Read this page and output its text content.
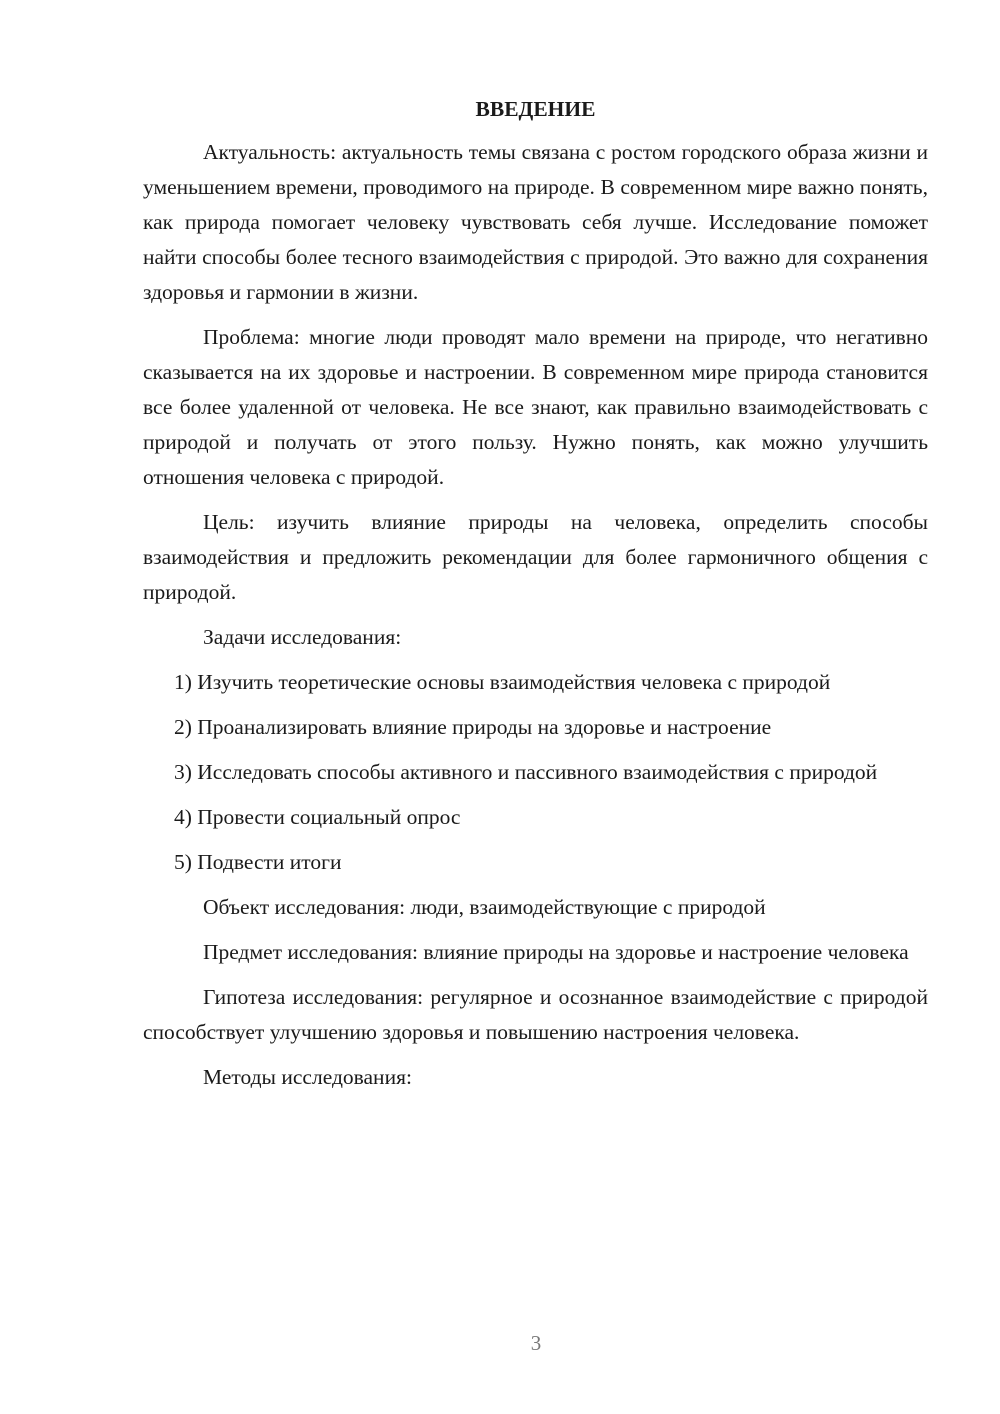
ВВЕДЕНИЕ

Актуальность: актуальность темы связана с ростом городского образа жизни и уменьшением времени, проводимого на природе. В современном мире важно понять, как природа помогает человеку чувствовать себя лучше. Исследование поможет найти способы более тесного взаимодействия с природой. Это важно для сохранения здоровья и гармонии в жизни.

Проблема: многие люди проводят мало времени на природе, что негативно сказывается на их здоровье и настроении. В современном мире природа становится все более удаленной от человека. Не все знают, как правильно взаимодействовать с природой и получать от этого пользу. Нужно понять, как можно улучшить отношения человека с природой.

Цель: изучить влияние природы на человека, определить способы взаимодействия и предложить рекомендации для более гармоничного общения с природой.

Задачи исследования:

1) Изучить теоретические основы взаимодействия человека с природой

2) Проанализировать влияние природы на здоровье и настроение

3) Исследовать способы активного и пассивного взаимодействия с природой

4) Провести социальный опрос

5) Подвести итоги

Объект исследования: люди, взаимодействующие с природой

Предмет исследования: влияние природы на здоровье и настроение человека

Гипотеза исследования: регулярное и осознанное взаимодействие с природой способствует улучшению здоровья и повышению настроения человека.

Методы исследования:

3
